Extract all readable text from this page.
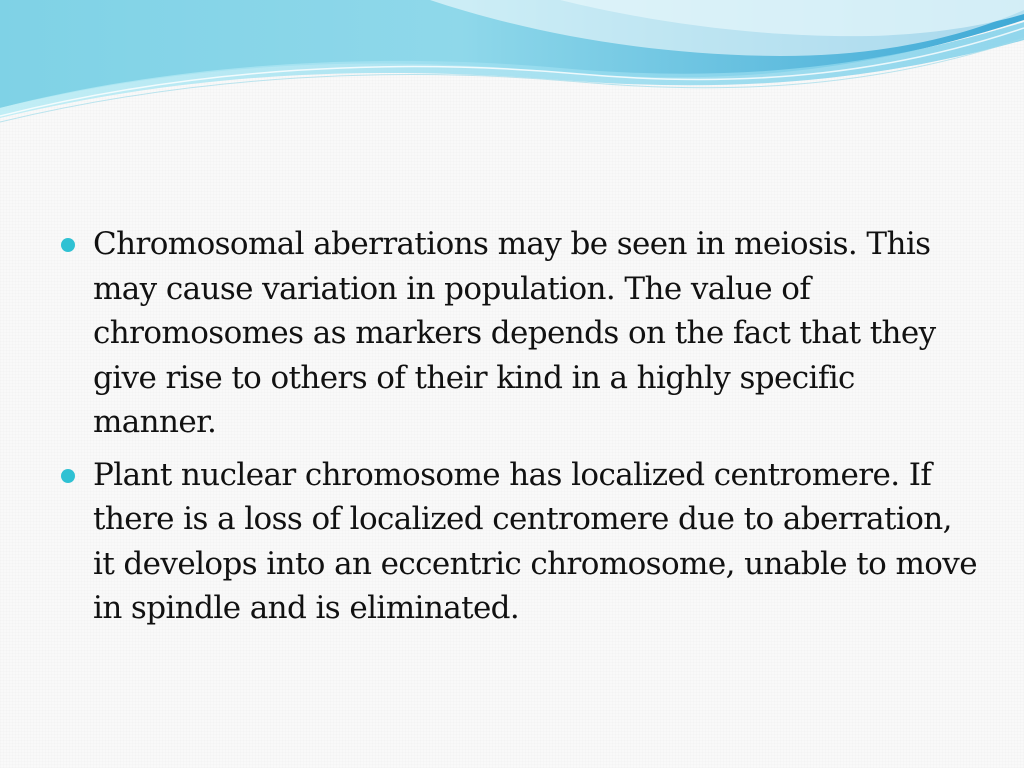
Chromosomal aberrations may be seen in meiosis. This may cause variation in population. The value of chromosomes as markers depends on the fact that they give rise to others of their kind in a highly specific manner.
Plant nuclear chromosome has localized centromere. If there is a loss of localized centromere due to aberration, it develops into an eccentric chromosome, unable to move in spindle and is eliminated.
